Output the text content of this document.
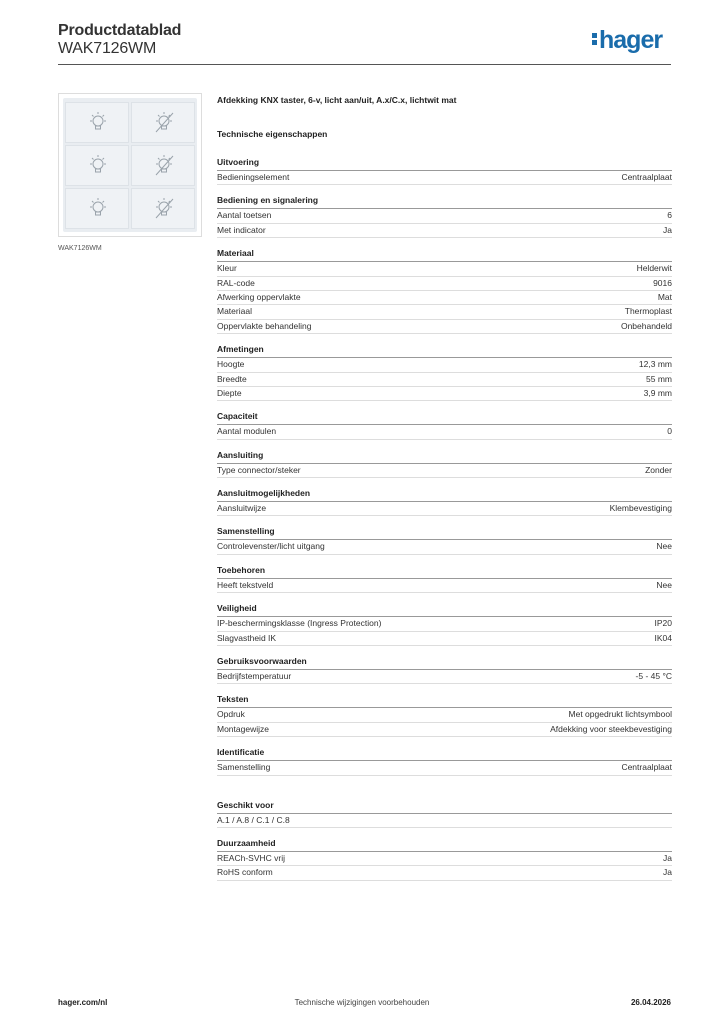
Productdatablad
WAK7126WM	hager
WAK7126WM
Afdekking KNX taster, 6-v, licht aan/uit, A.x/C.x, lichtwit mat
Technische eigenschappen
Uitvoering
Bedieningselement	Centraalplaat
Bediening en signalering
Aantal toetsen	6
Met indicator	Ja
Materiaal
Kleur	Helderwit
RAL-code	9016
Afwerking oppervlakte	Mat
Materiaal	Thermoplast
Oppervlakte behandeling	Onbehandeld
Afmetingen
Hoogte	12,3 mm
Breedte	55 mm
Diepte	3,9 mm
Capaciteit
Aantal modulen	0
Aansluiting
Type connector/steker	Zonder
Aansluitmogelijkheden
Aansluitwijze	Klembevestiging
Samenstelling
Controlevenster/licht uitgang	Nee
Toebehoren
Heeft tekstveld	Nee
Veiligheid
IP-beschermingsklasse (Ingress Protection)	IP20
Slagvastheid IK	IK04
Gebruiksvoorwaarden
Bedrijfstemperatuur	-5 - 45 °C
Teksten
Opdruk	Met opgedrukt lichtsymbool
Montagewijze	Afdekking voor steekbevestiging
Identificatie
Samenstelling	Centraalplaat
Geschikt voor
A.1 / A.8 / C.1 / C.8
Duurzaamheid
REACh-SVHC vrij	Ja
RoHS conform	Ja
hager.com/nl	Technische wijzigingen voorbehouden	26.04.2026
